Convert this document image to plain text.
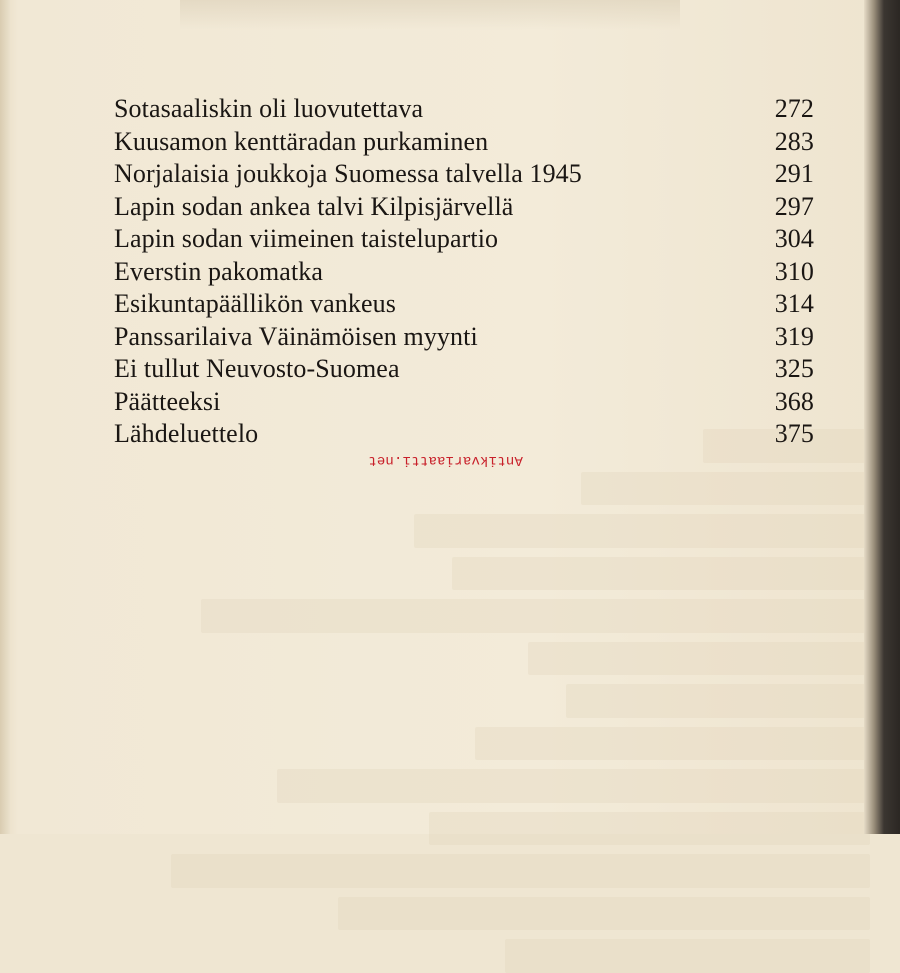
Sotasaaliskin oli luovutettava	272
Kuusamon kenttäradan purkaminen	283
Norjalaisia joukkoja Suomessa talvella 1945	291
Lapin sodan ankea talvi Kilpisjärvellä	297
Lapin sodan viimeinen taistelupartio	304
Everstin pakomatka	310
Esikuntapäällikön vankeus	314
Panssarilaiva Väinämöisen myynti	319
Ei tullut Neuvosto-Suomea	325
Päätteeksi	368
Lähdeluettelo	375
Antikvariaatti.net
